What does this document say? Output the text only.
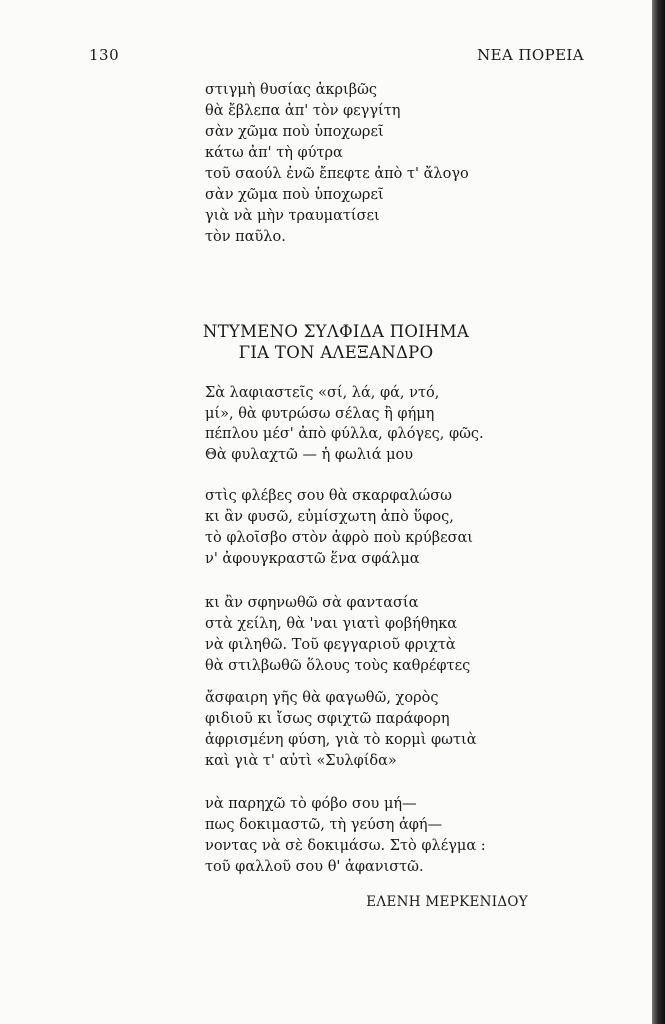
130	ΝΕΑ ΠΟΡΕΙΑ
στιγμὴ θυσίας ἀκριβῶς
θὰ ἔβλεπα ἀπ' τὸν φεγγίτη
σὰν χῶμα ποὺ ὑποχωρεῖ
κάτω ἀπ' τὴ φύτρα
τοῦ σαούλ ἐνῶ ἔπεφτε ἀπὸ τ' ἄλογο
σὰν χῶμα ποὺ ὑποχωρεῖ
γιὰ νὰ μὴν τραυματίσει
τὸν παῦλο.
ΝΤΥΜΕΝΟ ΣΥΛΦΙΔΑ ΠΟΙΗΜΑ
ΓΙΑ ΤΟΝ ΑΛΕΞΑΝΔΡΟ
Σὰ λαφιαστεῖς «σί, λά, φά, ντό,
μί», θὰ φυτρώσω σέλας ἢ φήμη
πέπλου μέσ' ἀπὸ φύλλα, φλόγες, φῶς.
Θὰ φυλαχτῶ — ἡ φωλιά μου
στὶς φλέβες σου θὰ σκαρφαλώσω
κι ἂν φυσῶ, εὐμίσχωτη ἀπὸ ὕφος,
τὸ φλοῖσβο στὸν ἀφρὸ ποὺ κρύβεσαι
ν' ἀφουγκραστῶ ἕνα σφάλμα
κι ἂν σφηνωθῶ σὰ φαντασία
στὰ χείλη, θὰ 'ναι γιατὶ φοβήθηκα
νὰ φιληθῶ. Τοῦ φεγγαριοῦ φριχτὰ
θὰ στιλβωθῶ ὅλους τοὺς καθρέφτες
ἄσφαιρη γῆς θὰ φαγωθῶ, χορὸς
φιδιοῦ κι ἴσως σφιχτῶ παράφορη
ἀφρισμένη φύση, γιὰ τὸ κορμὶ φωτιὰ
καὶ γιὰ τ' αὐτὶ «Συλφίδα»
νὰ παρηχῶ τὸ φόβο σου μή—
πως δοκιμαστῶ, τὴ γεύση ἀφή—
νοντας νὰ σὲ δοκιμάσω. Στὸ φλέγμα :
τοῦ φαλλοῦ σου θ' ἀφανιστῶ.
ΕΛΕΝΗ ΜΕΡΚΕΝΙΔΟΥ
